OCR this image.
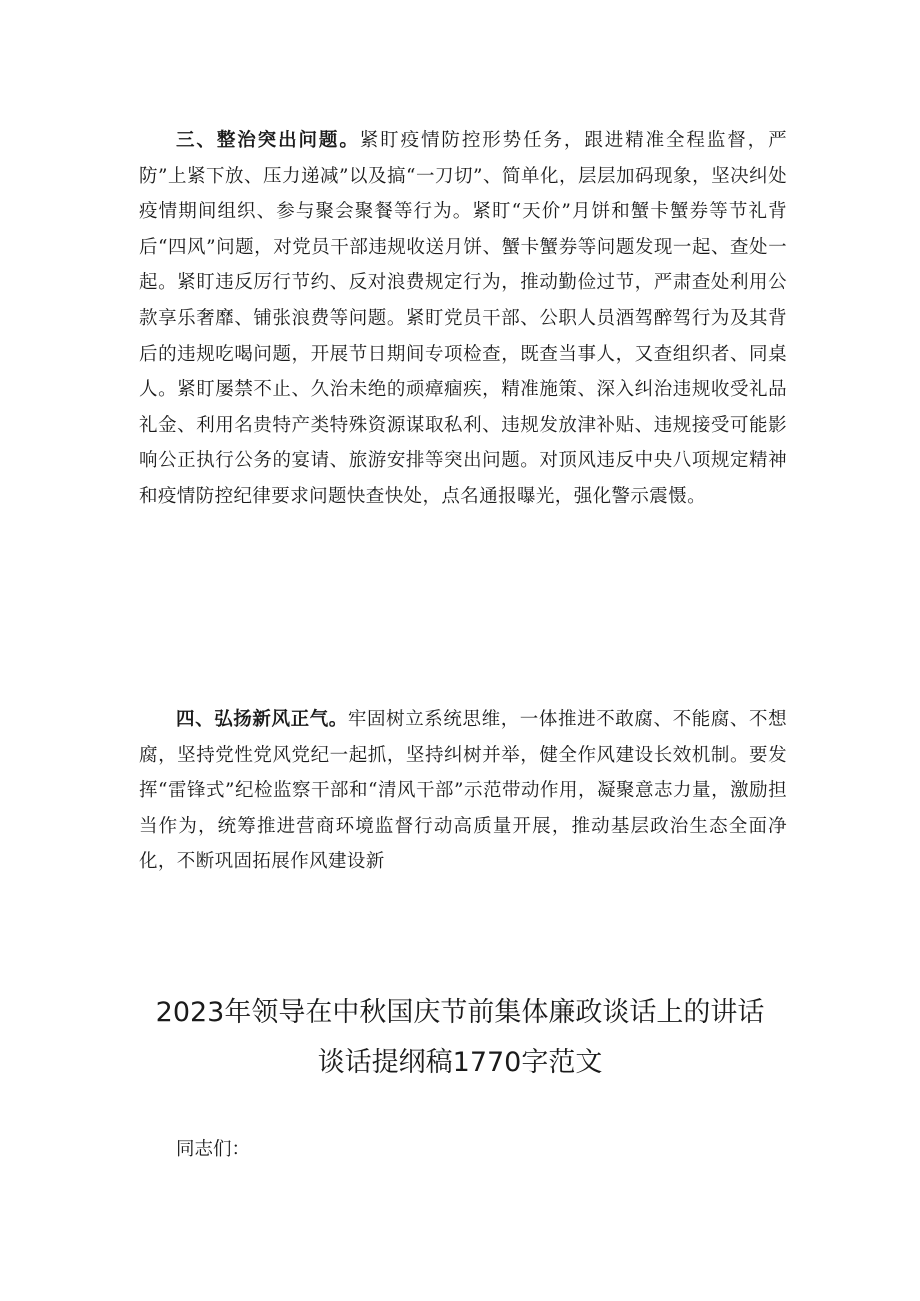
三、整治突出问题。紧盯疫情防控形势任务，跟进精准全程监督，严防”上紧下放、压力递减”以及搞“一刀切”、简单化，层层加码现象，坚决纠处疫情期间组织、参与聚会聚餐等行为。紧盯“天价”月饼和蟹卡蟹券等节礼背后“四风”问题，对党员干部违规收送月饼、蟹卡蟹券等问题发现一起、查处一起。紧盯违反厉行节约、反对浪费规定行为，推动勤俭过节，严肃查处利用公款享乐奢靡、铺张浪费等问题。紧盯党员干部、公职人员酒驾醉驾行为及其背后的违规吃喝问题，开展节日期间专项检查，既查当事人，又查组织者、同桌人。紧盯屡禁不止、久治未绝的顽瘴痼疾，精准施策、深入纠治违规收受礼品礼金、利用名贵特产类特殊资源谋取私利、违规发放津补贴、违规接受可能影响公正执行公务的宴请、旅游安排等突出问题。对顶风违反中央八项规定精神和疫情防控纪律要求问题快查快处，点名通报曝光，强化警示震慑。

四、弘扬新风正气。牢固树立系统思维，一体推进不敢腐、不能腐、不想腐，坚持党性党风党纪一起抓，坚持纠树并举，健全作风建设长效机制。要发挥“雷锋式”纪检监察干部和“清风干部”示范带动作用，凝聚意志力量，激励担当作为，统筹推进营商环境监督行动高质量开展，推动基层政治生态全面净化，不断巩固拓展作风建设新

2023年领导在中秋国庆节前集体廉政谈话上的讲话
谈话提纲稿1770字范文
同志们：
